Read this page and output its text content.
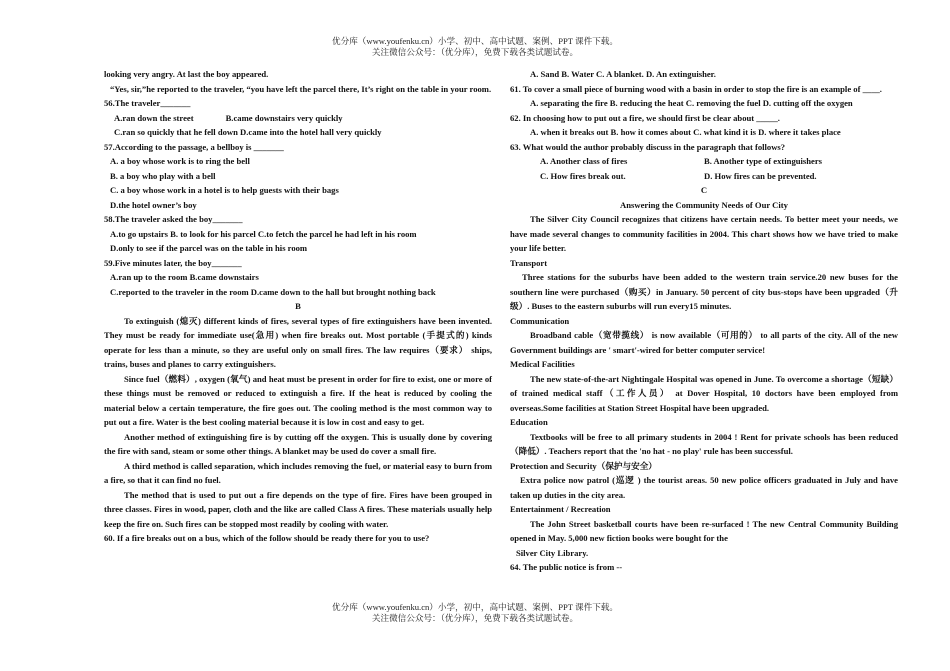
优分库（www.youfenku.cn）小学、初中、高中试题、案例、PPT 课件下载。
关注微信公众号：（优分库），免费下载各类试题试卷。

looking very angry. At last the boy appeared.

“Yes, sir,”he reported to the traveler, “you have left the parcel there, It’s right on the table in your room.

56.The traveler_______

A.ran down the street	B.came downstairs very quickly

C.ran so quickly that he fell down D.came into the hotel hall very quickly

57.According to the passage, a bellboy is _______

A. a boy whose work is to ring the bell

B. a boy who play with a bell

C. a boy whose work in a hotel is to help guests with their bags

D.the hotel owner’s boy

58.The traveler asked the boy_______

A.to go upstairs B. to look for his parcel C.to fetch the parcel he had left in his room

D.only to see if the parcel was on the table in his room

59.Five minutes later, the boy_______

A.ran up to the room B.came downstairs

C.reported to the traveler in the room D.came down to the hall but brought nothing back

B

To extinguish (熄灭) different kinds of fires, several types of fire extinguishers have been invented. They must be ready for immediate use(急用) when fire breaks out. Most portable (手提式的) kinds operate for less than a minute, so they are useful only on small fires. The law requires（要求） ships, trains, buses and planes to carry extinguishers.

Since fuel（燃料）, oxygen (氧气) and heat must be present in order for fire to exist, one or more of these things must be removed or reduced to extinguish a fire. If the heat is reduced by cooling the material below a certain temperature, the fire goes out. The cooling method is the most common way to put out a fire. Water is the best cooling material because it is low in cost and easy to get.

Another method of extinguishing fire is by cutting off the oxygen. This is usually done by covering the fire with sand, steam or some other things. A blanket may be used do cover a small fire.

A third method is called separation, which includes removing the fuel, or material easy to burn from a fire, so that it can find no fuel.

The method that is used to put out a fire depends on the type of fire. Fires have been grouped in three classes. Fires in wood, paper, cloth and the like are called Class A fires. These materials usually help keep the fire on. Such fires can be stopped most readily by cooling with water.

60. If a fire breaks out on a bus, which of the follow should be ready there for you to use?

A. Sand B. Water C. A blanket. D. An extinguisher.

61. To cover a small piece of burning wood with a basin in order to stop the fire is an example of ____.

A. separating the fire B. reducing the heat C. removing the fuel D. cutting off the oxygen

62. In choosing how to put out a fire, we should first be clear about _____.

A. when it breaks out B. how it comes about C. what kind it is D. where it takes place

63. What would the author probably discuss in the paragraph that follows?

A. Another class of fires	B. Another type of extinguishers

C. How fires break out.	D. How fires can be prevented.

C

Answering the Community Needs of Our City

The Silver City Council recognizes that citizens have certain needs. To better meet your needs, we have made several changes to community facilities in 2004. This chart shows how we have tried to make your life better.

Transport

Three stations for the suburbs have been added to the western train service.20 new buses for the southern line were purchased（购买）in January. 50 percent of city bus-stops have been upgraded（升级）. Buses to the eastern suburbs will run every15 minutes.

Communication

Broadband cable（宽带揽线） is now available（可用的） to all parts of the city. All of the new Government buildings are ' smart'-wired for better computer service!

Medical Facilities

The new state-of-the-art Nightingale Hospital was opened in June. To overcome a shortage（短缺） of trained medical staff（工作人员） at Dover Hospital, 10 doctors have been employed from overseas.Some facilities at Station Street Hospital have been upgraded.

Education

Textbooks will be free to all primary students in 2004 ! Rent for private schools has been reduced（降低）. Teachers report that the 'no hat - no play' rule has been successful.

Protection and Security（保护与安全）

Extra police now patrol (巡逻 ) the tourist areas. 50 new police officers graduated in July and have taken up duties in the city area.

Entertainment / Recreation

The John Street basketball courts have been re-surfaced ! The new Central Community Building opened in May. 5,000 new fiction books were bought for the

Silver City Library.

64. The public notice is from --

优分库（www.youfenku.cn）小学，初中，高中试题、案例、PPT 课件下载。
关注微信公众号：（优分库），免费下载各类试题试卷。
